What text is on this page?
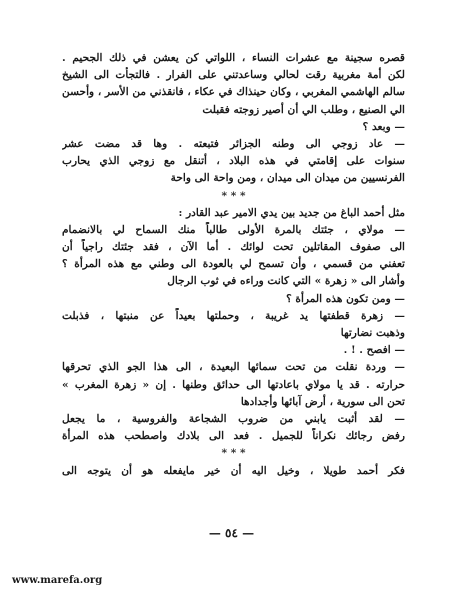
قصره سجينة مع عشرات النساء ، اللواتي كن يعشن في ذلك الجحيم .
لكن أمة مغربية رقت لحالي وساعدتني على الفرار . فالتجأت الى الشيخ
سالم الهاشمي المغربي ، وكان حينذاك في عكاء ، فانقذني من الأسر ، وأحسن
الي الصنيع ، وطلب الي أن أصير زوجته فقبلت
— وبعد ؟
— عاد زوجي الى وطنه الجزائر فتبعته . وها قد مضت عشر
سنوات على إقامتي في هذه البلاد ، أتنقل مع زوجي الذي يحارب
الفرنسيين من ميدان الى ميدان ، ومن واحة الى واحة
* * *
مثل أحمد الباغ من جديد بين يدي الامير عبد القادر :
— مولاي ، جئتك بالمرة الأولى طالباً منك السماح لي بالانضمام
الى صفوف المقاتلين تحت لوائك . أما الآن ، فقد جئتك راجياً أن
تعفني من قسمي ، وأن تسمح لي بالعودة الى وطني مع هذه المرأة ؟
وأشار الى « زهرة » التي كانت وراءه في ثوب الرجال
— ومن تكون هذه المرأة ؟
— زهرة قطفتها يد غريبة ، وحملتها بعيداً عن منبتها ، فذبلت
وذهبت نضارتها
— افصح . ! .
— وردة نقلت من تحت سمائها البعيدة ، الى هذا الجو الذي تحرقها
حرارته . قد يا مولاي باعادتها الى حدائق وطنها . إن « زهرة المغرب »
تحن الى سورية ، أرض آبائها وأجدادها
— لقد أثبت يابني من ضروب الشجاعة والفروسية ، ما يجعل
رفض رجائك نكراناً للجميل . فعد الى بلادك واصطحب هذه المرأة
* * *
فكر أحمد طويلا ، وخيل اليه أن خير مايفعله هو أن يتوجه الى
— ٥٤ —
www.marefa.org
